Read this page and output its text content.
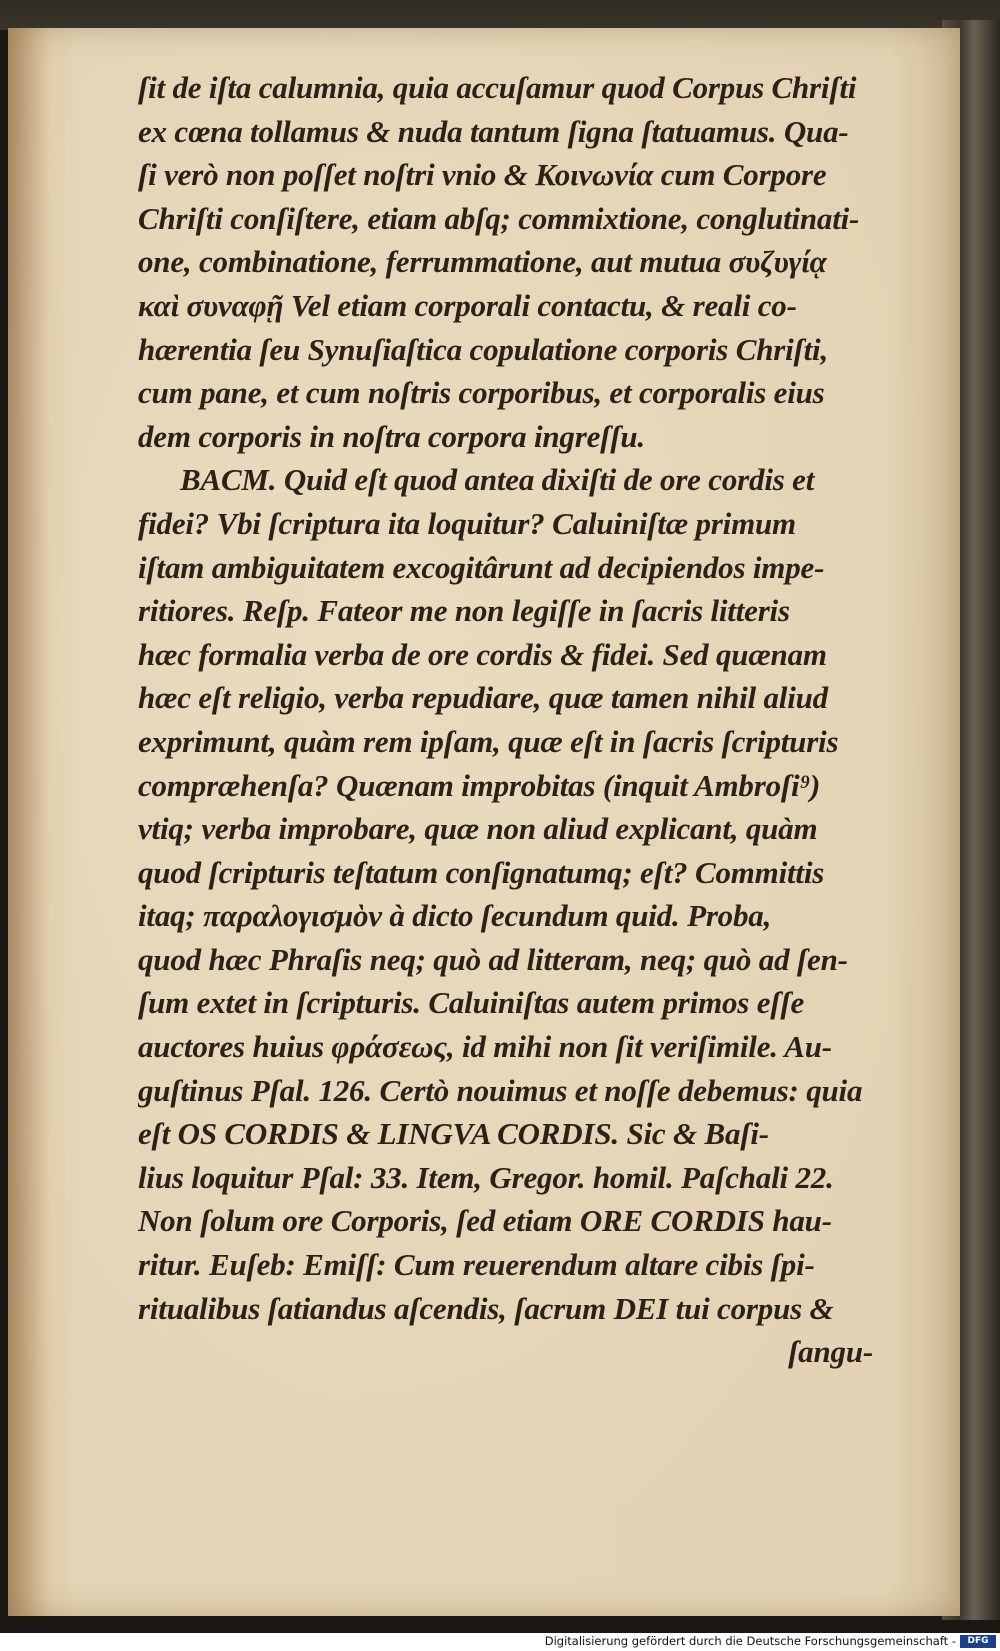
ſit de iſta calumnia, quia accuſamur quod Corpus Chriſti
ex cœna tollamus & nuda tantum ſigna ſtatuamus. Qua-
ſi verò non poſſet noſtri vnio & Κοινωνία cum Corpore
Chriſti conſiſtere, etiam abſq; commixtione, conglutinati-
one, combinatione, ferrummatione, aut mutua συζυγίᾳ
καὶ συναφῇ Vel etiam corporali contactu, & reali co-
hærentia ſeu Synuſiaſtica copulatione corporis Chriſti,
cum pane, et cum noſtris corporibus, et corporalis eius
dem corporis in noſtra corpora ingreſſu.
BACM. Quid eſt quod antea dixiſti de ore cordis et
fidei? Vbi ſcriptura ita loquitur? Caluiniſtæ primum
iſtam ambiguitatem excogitârunt ad decipiendos impe-
ritiores. Reſp. Fateor me non legiſſe in ſacris litteris
hæc formalia verba de ore cordis & fidei. Sed quænam
hæc eſt religio, verba repudiare, quæ tamen nihil aliud
exprimunt, quàm rem ipſam, quæ eſt in ſacris ſcripturis
compræhenſa? Quænam improbitas (inquit Ambroſi⁹)
vtiq; verba improbare, quæ non aliud explicant, quàm
quod ſcripturis teſtatum conſignatumq; eſt? Committis
itaq; παραλογισμὸν à dicto ſecundum quid. Proba,
quod hæc Phraſis neq; quò ad litteram, neq; quò ad ſen-
ſum extet in ſcripturis. Caluiniſtas autem primos eſſe
auctores huius φράσεως, id mihi non ſit veriſimile. Au-
guſtinus Pſal. 126. Certò nouimus et noſſe debemus: quia
eſt OS CORDIS & LINGVA CORDIS. Sic & Baſi-
lius loquitur Pſal: 33. Item, Gregor. homil. Paſchali 22.
Non ſolum ore Corporis, ſed etiam ORE CORDIS hau-
ritur. Euſeb: Emiſſ: Cum reuerendum altare cibis ſpi-
ritualibus ſatiandus aſcendis, ſacrum DEI tui corpus &
ſangu-
Digitalisierung gefördert durch die Deutsche Forschungsgemeinschaft -	DFG
